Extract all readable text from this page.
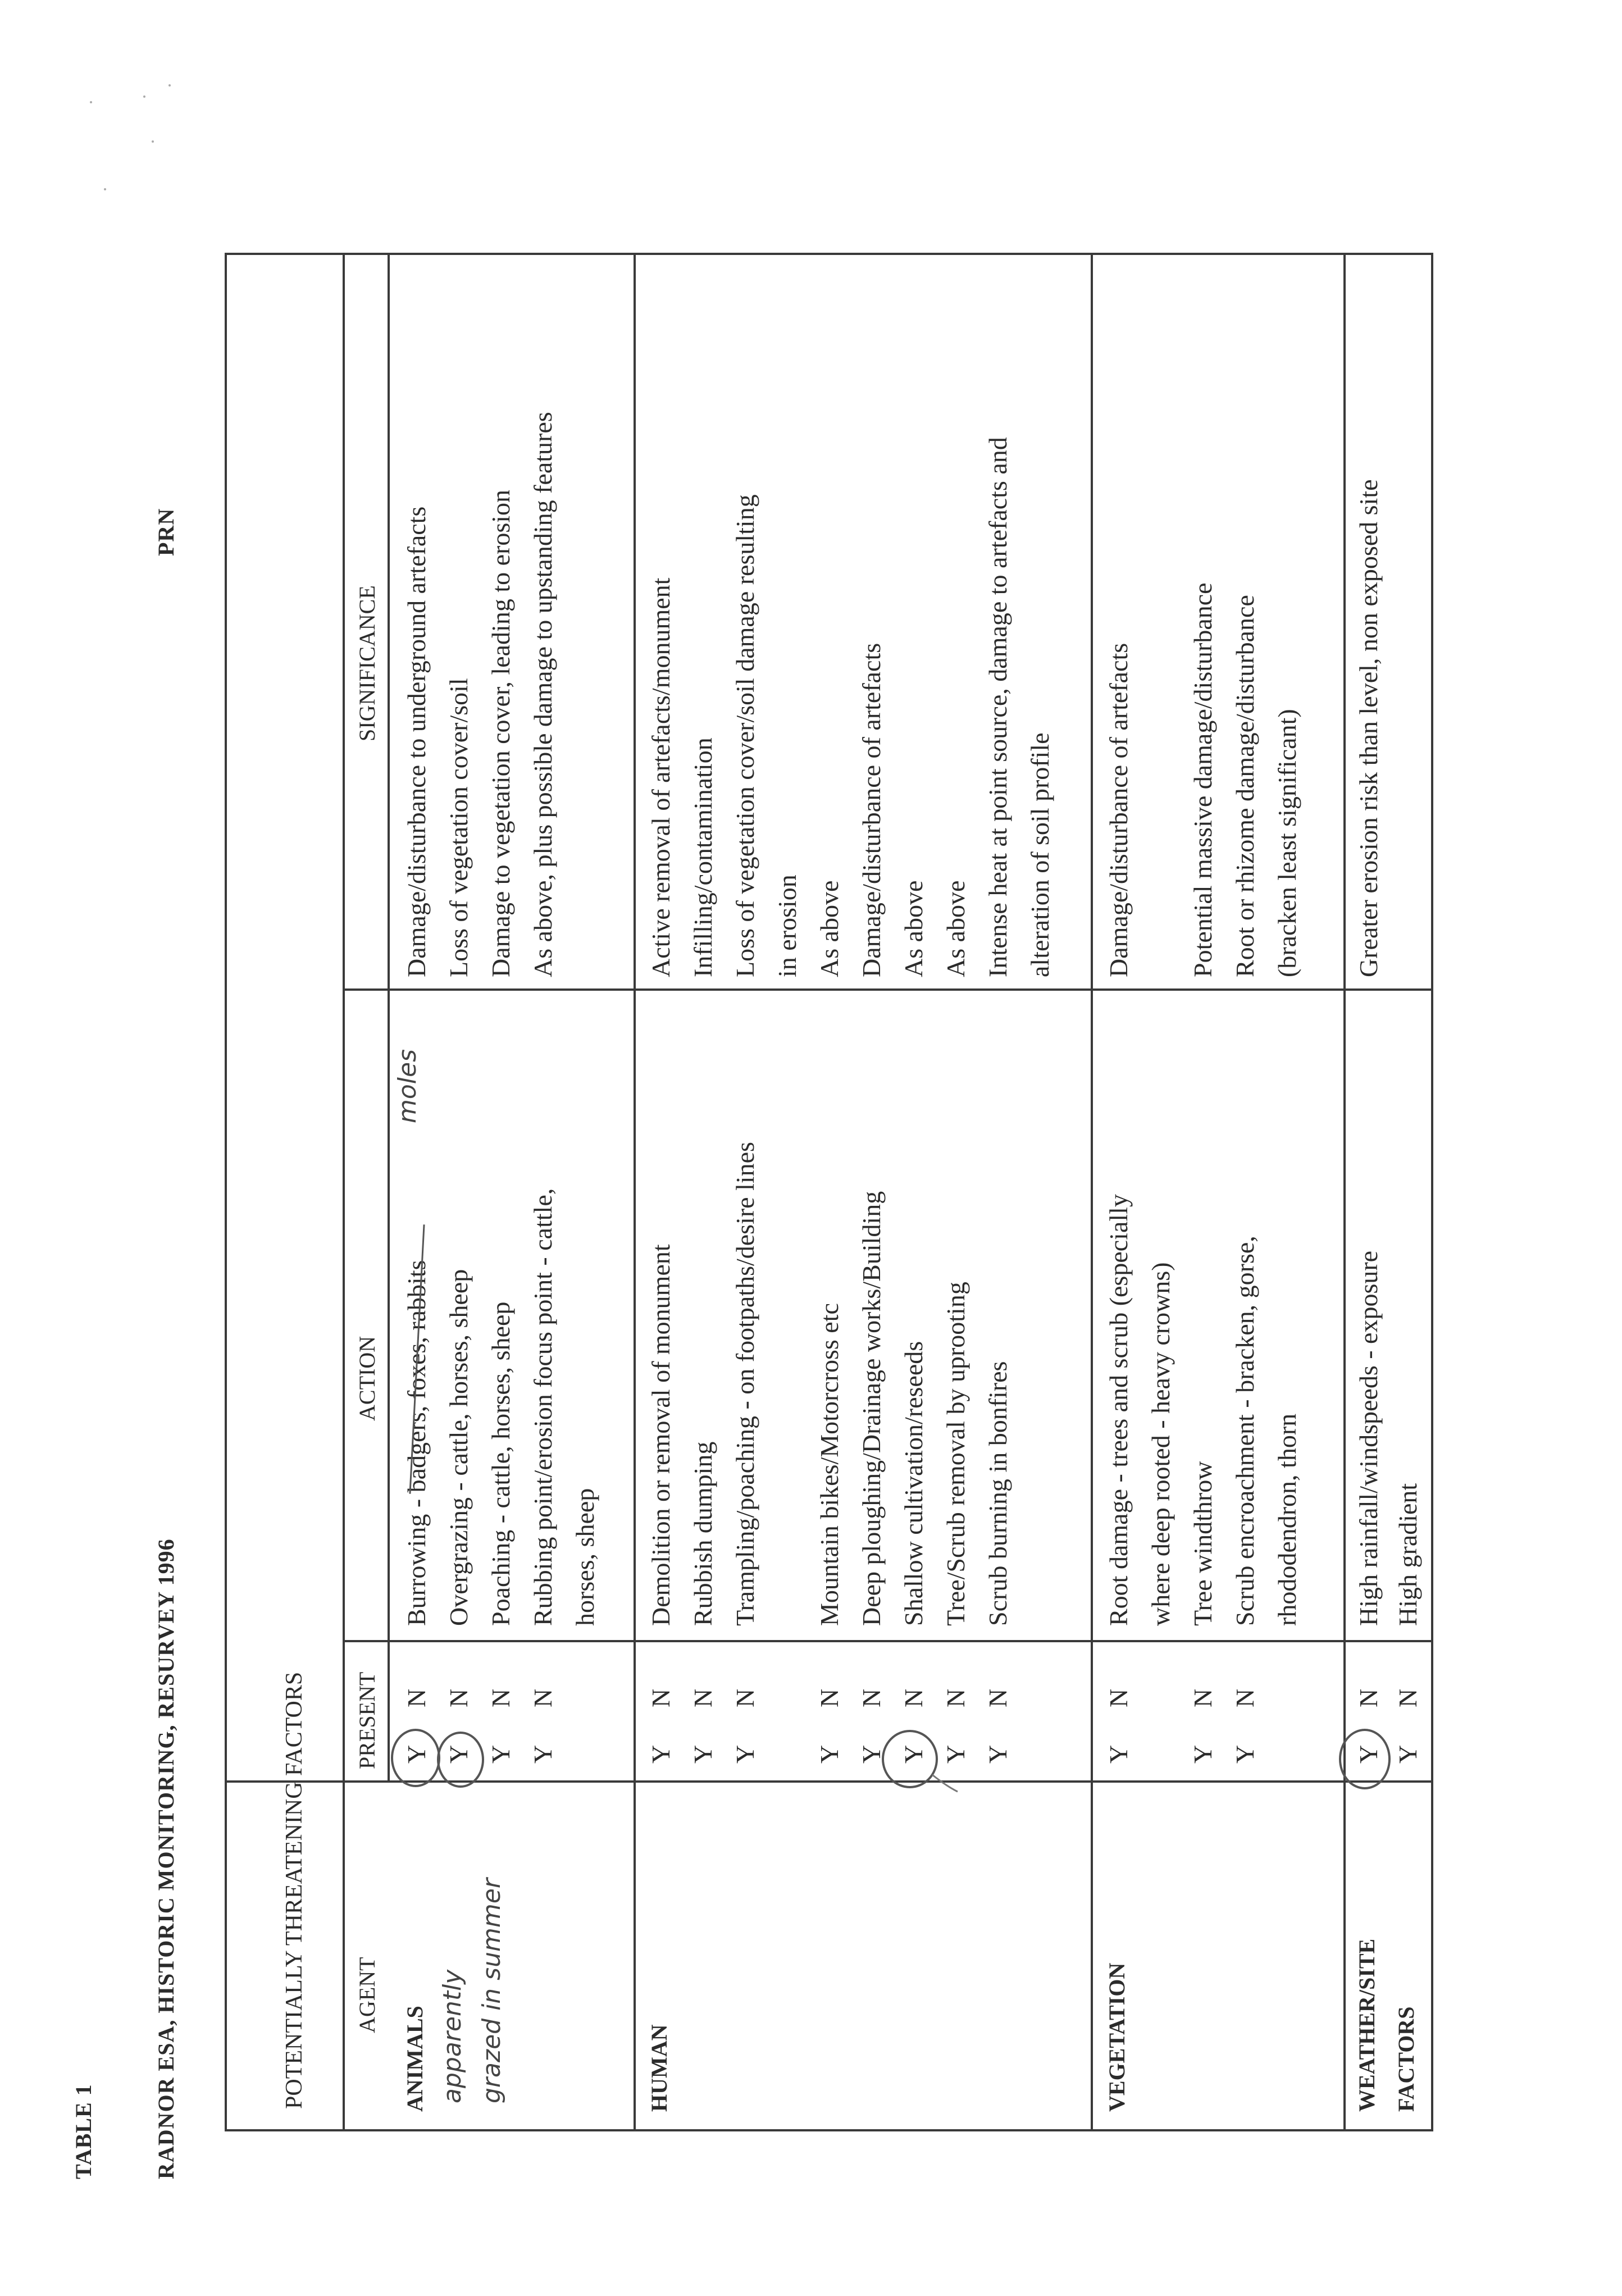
TABLE 1	RADNOR ESA, HISTORIC MONITORING, RESURVEY 1996
PRN
POTENTIALLY THREATENING FACTORS AGENT
PRESENT
ACTION
SIGNIFICANCE
ANIMALS
Y
N
Burrowing - badgers, foxes, rabbits
Damage/disturbance to underground artefacts
Y
N
Overgrazing - cattle, horses, sheep
Loss of vegetation cover/soil
Y
N
Poaching - cattle, horses, sheep
Damage to vegetation cover, leading to erosion
Y
N
Rubbing point/erosion focus point - cattle, horses, sheep
As above, plus possible damage to upstanding features
moles
apparently grazed in summer	HUMAN
Y
N
Demolition or removal of monument
Active removal of artefacts/monument
Y
N
Rubbish dumping
Infilling/contamination
Y
N
Trampling/poaching - on footpaths/desire lines
Loss of vegetation cover/soil damage resulting in erosion
Y
N
Mountain bikes/Motorcross etc
As above
Y
N
Deep ploughing/Drainage works/Building
Damage/disturbance of artefacts
Y
N
Shallow cultivation/reseeds
As above
Y
N
Tree/Scrub removal by uprooting
As above
Y
N
Scrub burning in bonfires
Intense heat at point source, damage to artefacts and alteration of soil profile
VEGETATION
Y
N
Root damage - trees and scrub (especially where deep rooted - heavy crowns)
Damage/disturbance of artefacts
Y
N
Tree windthrow
Potential massive damage/disturbance
Y
N
Scrub encroachment - bracken, gorse, rhododendron, thorn
Root or rhizome damage/disturbance (bracken least significant)
WEATHER/SITE FACTORS
Y
N
High rainfall/windspeeds - exposure
Greater erosion risk than level, non exposed site
Y
N
High gradient
